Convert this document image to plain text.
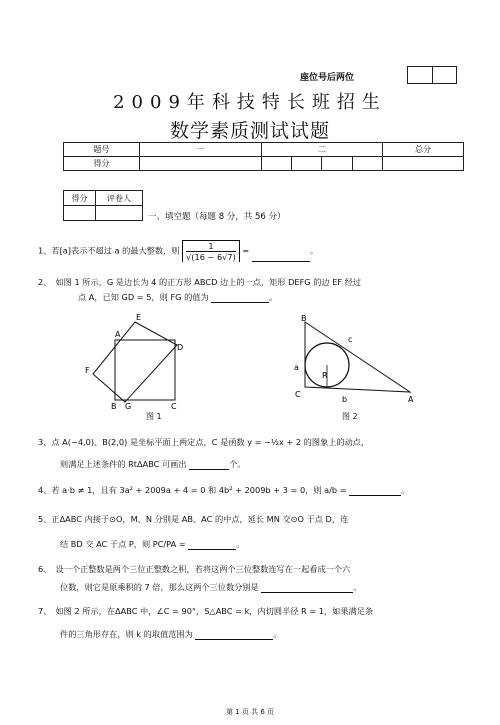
座位号后两位
2009年科技特长班招生
数学素质测试试题
题号	一	二				总分
得分						
得分	评卷人

一、填空题（每题 8 分，共 56 分）
1、若[a]表示不超过 a 的最大整数，则 $\frac{1}{√(16 - 6√7)}$ =	。
2、　如图 1 所示，G 是边长为 4 的正方形 ABCD 边上的一点，矩形 DEFG 的边 EF 经过
点 A，已知 GD = 5，则 FG 的值为	。
E
A
D
F
B G	C
图 1
B
c
a
R
C
b	A
图 2
3、点 A(−4,0)、B(2,0) 是坐标平面上两定点，C 是函数 y = −½x + 2 的图象上的动点，
则满足上述条件的 RtΔABC 可画出	个。
4、若 a·b ≠ 1，且有 3a² + 2009a + 4 = 0 和 4b² + 2009b + 3 = 0，则 a/b =	。
5、正ΔABC 内接于⊙O，M、N 分别是 AB、AC 的中点，延长 MN 交⊙O 于点 D，连
结 BD 交 AC 于点 P，则 PC/PA =	。
6、　设一个正整数是两个三位正整数之积，若将这两个三位整数连写在一起看成一个六
位数，则它是原乘积的 7 倍，那么这两个三位数分别是	。
7、　如图 2 所示，在ΔABC 中，∠C = 90°，S△ABC = k，内切圆半径 R = 1，如果满足条
件的三角形存在，则 k 的取值范围为	。
第 1 页 共 6 页
